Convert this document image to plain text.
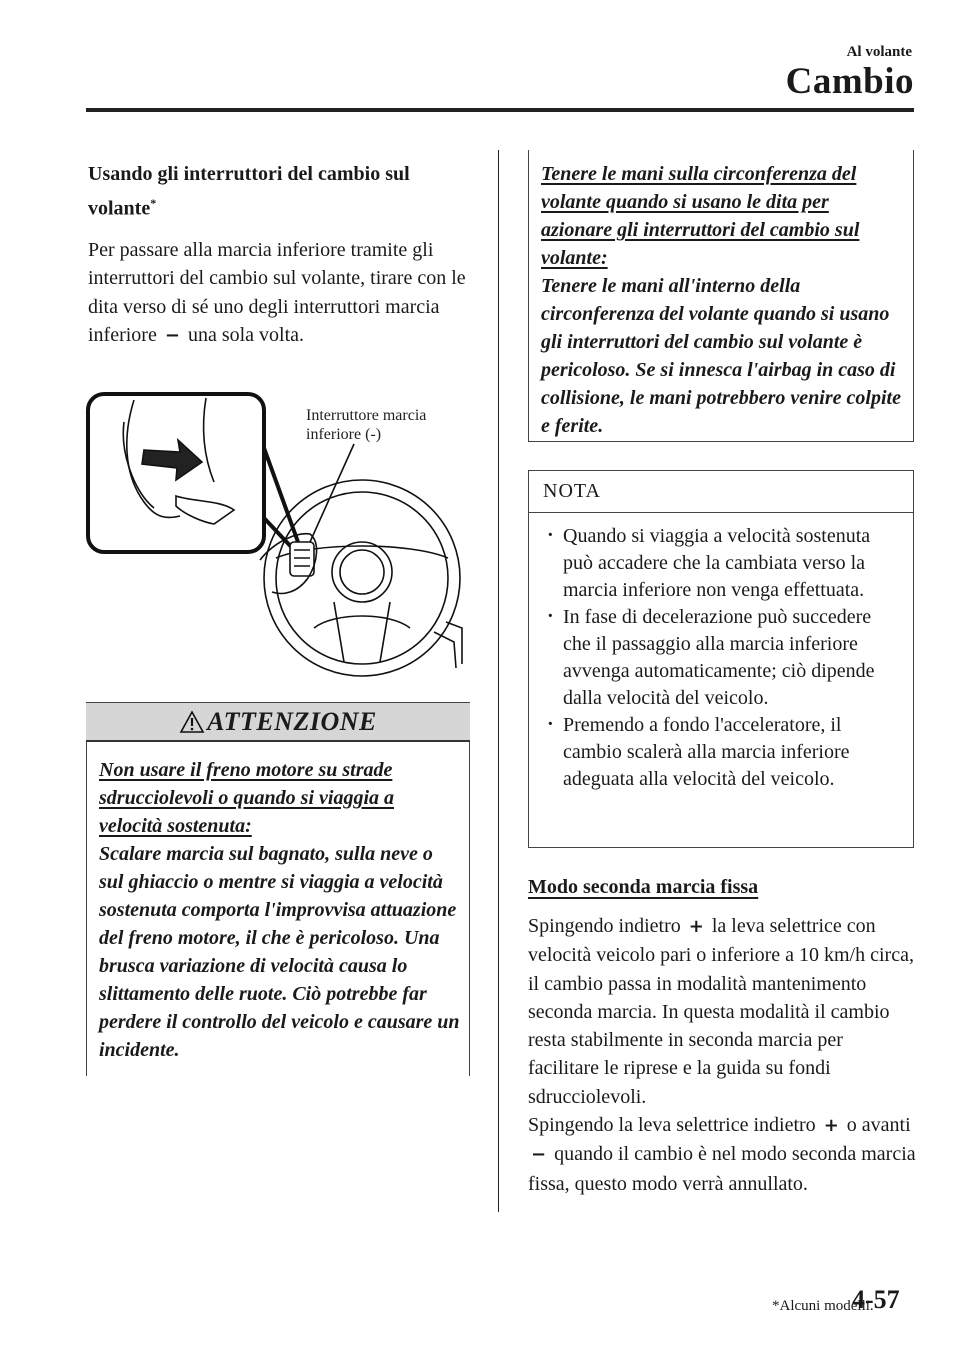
Al volante
Cambio

Usando gli interruttori del cambio sul volante*

Per passare alla marcia inferiore tramite gli interruttori del cambio sul volante, tirare con le dita verso di sé uno degli interruttori marcia inferiore − una sola volta.

Interruttore marcia
inferiore (-)
ATTENZIONE
Non usare il freno motore su strade
sdrucciolevoli o quando si viaggia a
velocità sostenuta:
Scalare marcia sul bagnato, sulla neve o sul ghiaccio o mentre si viaggia a velocità sostenuta comporta l'improvvisa attuazione del freno motore, il che è pericoloso. Una brusca variazione di velocità causa lo slittamento delle ruote. Ciò potrebbe far perdere il controllo del veicolo e causare un incidente.
Tenere le mani sulla circonferenza del
volante quando si usano le dita per
azionare gli interruttori del cambio sul
volante:
Tenere le mani all'interno della circonferenza del volante quando si usano gli interruttori del cambio sul volante è pericoloso. Se si innesca l'airbag in caso di collisione, le mani potrebbero venire colpite e ferite.
NOTA
· Quando si viaggia a velocità sostenuta può accadere che la cambiata verso la marcia inferiore non venga effettuata.
· In fase di decelerazione può succedere che il passaggio alla marcia inferiore avvenga automaticamente; ciò dipende dalla velocità del veicolo.
· Premendo a fondo l'acceleratore, il cambio scalerà alla marcia inferiore adeguata alla velocità del veicolo.
Modo seconda marcia fissa

Spingendo indietro + la leva selettrice con velocità veicolo pari o inferiore a 10 km/h circa, il cambio passa in modalità mantenimento seconda marcia. In questa modalità il cambio resta stabilmente in seconda marcia per facilitare le riprese e la guida su fondi sdrucciolevoli.
Spingendo la leva selettrice indietro + o avanti − quando il cambio è nel modo seconda marcia fissa, questo modo verrà annullato.

*Alcuni modelli.
4-57
